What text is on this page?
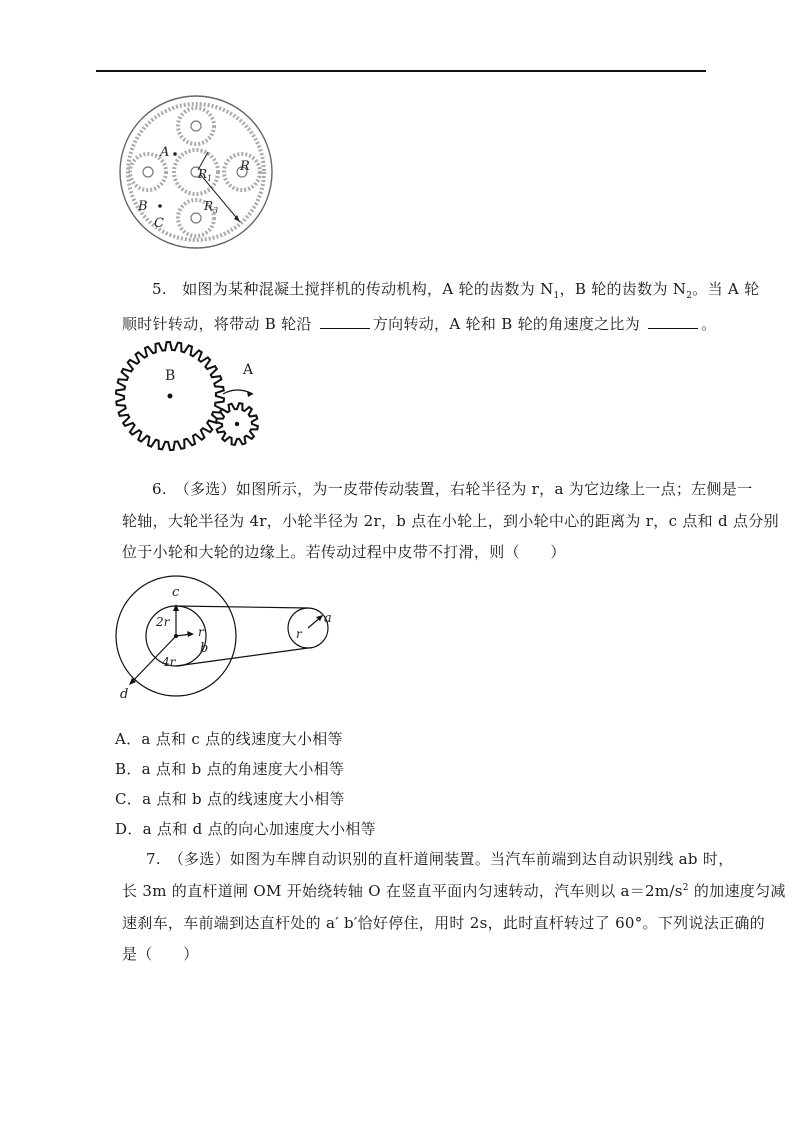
A
B
C
$R_1$
R
$R_3$
5.　如图为某种混凝土搅拌机的传动机构，A 轮的齿数为 $N_1$，B 轮的齿数为 $N_2$。当 A 轮
顺时针转动，将带动 B 轮沿	方向转动，A 轮和 B 轮的角速度之比为	。
B	A
6.　（多选）如图所示，为一皮带传动装置，右轮半径为 r，a 为它边缘上一点；左侧是一
轮轴，大轮半径为 4r，小轮半径为 2r，b 点在小轮上，到小轮中心的距离为 r，c 点和 d 点分别
位于小轮和大轮的边缘上。若传动过程中皮带不打滑，则（　　）
c
2r
r
b
4r
d
r
a
A．a 点和 c 点的线速度大小相等
B．a 点和 b 点的角速度大小相等
C．a 点和 b 点的线速度大小相等
D．a 点和 d 点的向心加速度大小相等
7.　（多选）如图为车牌自动识别的直杆道闸装置。当汽车前端到达自动识别线 ab 时，
长 3m 的直杆道闸 OM 开始绕转轴 O 在竖直平面内匀速转动，汽车则以 $a=2m/s^2$ 的加速度匀减
速刹车，车前端到达直杆处的 a′ b′恰好停住，用时 2s，此时直杆转过了 60°。下列说法正确的
是（　　）
